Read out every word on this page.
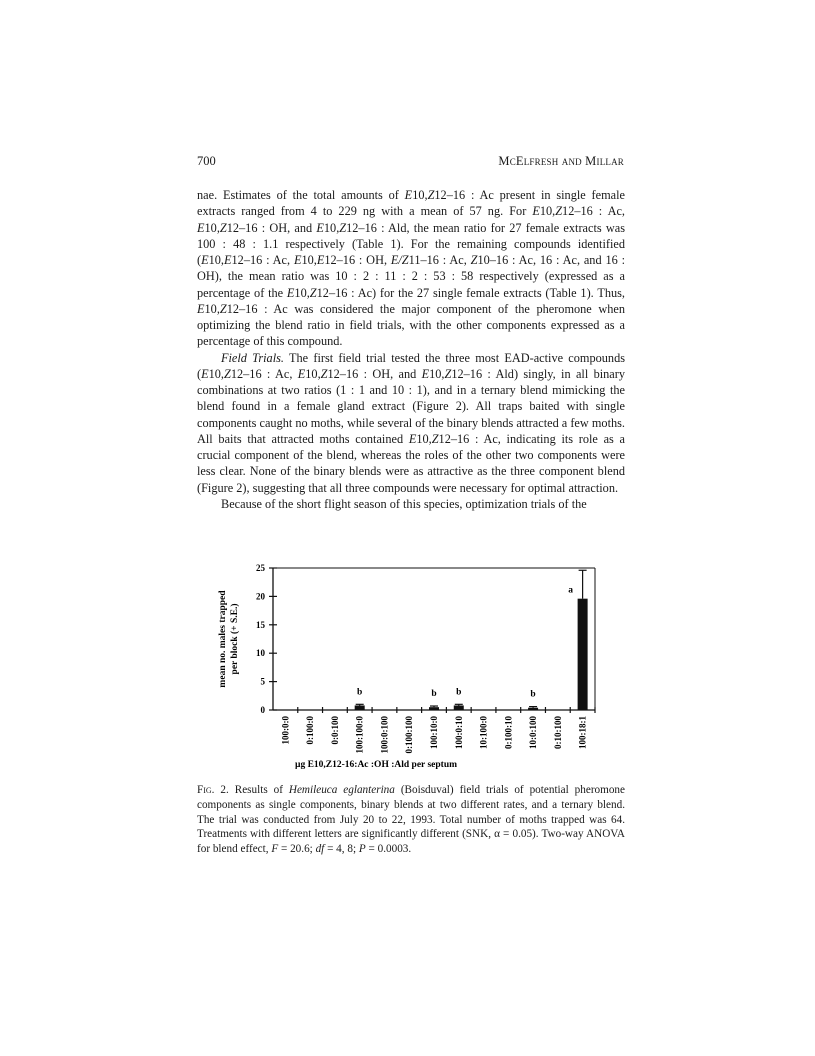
700	McElfresh and Millar

nae. Estimates of the total amounts of E10,Z12–16 : Ac present in single female extracts ranged from 4 to 229 ng with a mean of 57 ng. For E10,Z12–16 : Ac, E10,Z12–16 : OH, and E10,Z12–16 : Ald, the mean ratio for 27 female extracts was 100 : 48 : 1.1 respectively (Table 1). For the remaining compounds identified (E10,E12–16 : Ac, E10,E12–16 : OH, E/Z11–16 : Ac, Z10–16 : Ac, 16 : Ac, and 16 : OH), the mean ratio was 10 : 2 : 11 : 2 : 53 : 58 respectively (expressed as a percentage of the E10,Z12–16 : Ac) for the 27 single female extracts (Table 1). Thus, E10,Z12–16 : Ac was considered the major component of the pheromone when optimizing the blend ratio in field trials, with the other components expressed as a percentage of this compound.

Field Trials. The first field trial tested the three most EAD-active compounds (E10,Z12–16 : Ac, E10,Z12–16 : OH, and E10,Z12–16 : Ald) singly, in all binary combinations at two ratios (1 : 1 and 10 : 1), and in a ternary blend mimicking the blend found in a female gland extract (Figure 2). All traps baited with single components caught no moths, while several of the binary blends attracted a few moths. All baits that attracted moths contained E10,Z12–16 : Ac, indicating its role as a crucial component of the blend, whereas the roles of the other two components were less clear. None of the binary blends were as attractive as the three component blend (Figure 2), suggesting that all three compounds were necessary for optimal attraction.

Because of the short flight season of this species, optimization trials of the

0
5
10
15
20
25
100:0:0 0:100:0 0:0:100
b
100:100:0 100:0:100 0:100:100
b
100:10:0
b
100:0:10 10:100:0 0:100:10
b
10:0:100 0:10:100
a
100:18:1
mean no. males trapped per block (+ S.E.)
µg E10,Z12-16:Ac :OH :Ald per septum

Fig. 2. Results of Hemileuca eglanterina (Boisduval) field trials of potential pheromone components as single components, binary blends at two different rates, and a ternary blend. The trial was conducted from July 20 to 22, 1993. Total number of moths trapped was 64. Treatments with different letters are significantly different (SNK, α = 0.05). Two-way ANOVA for blend effect, F = 20.6; df = 4, 8; P = 0.0003.
